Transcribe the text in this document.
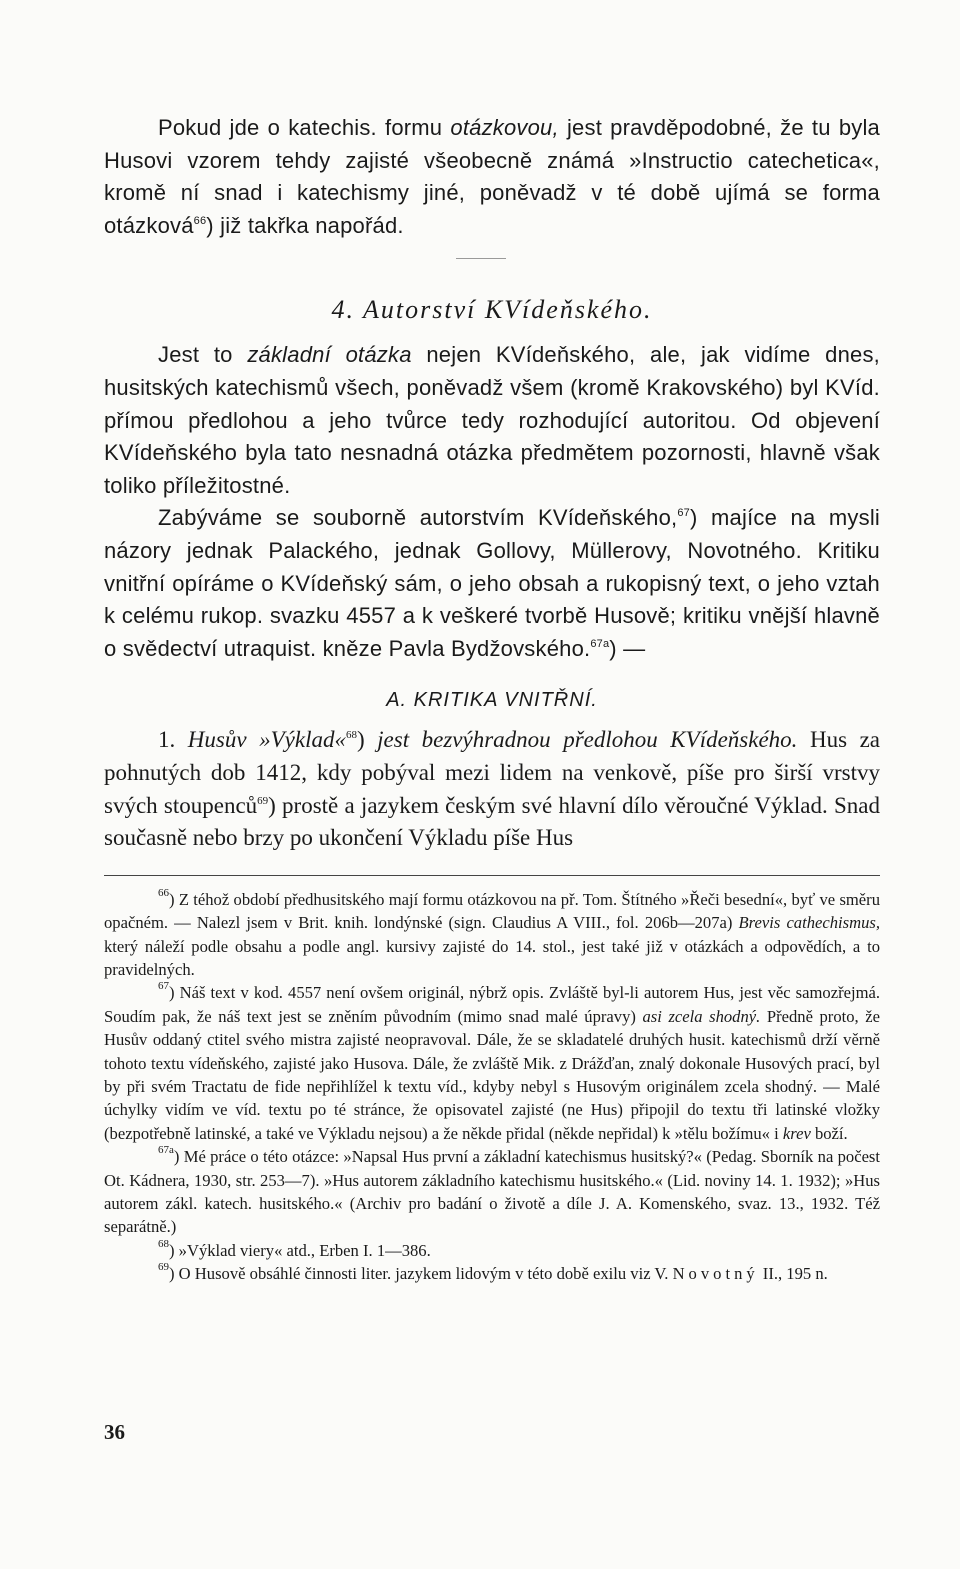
Pokud jde o katechis. formu otázkovou, jest pravděpodobné, že tu byla Husovi vzorem tehdy zajisté všeobecně známá »Instructio catechetica«, kromě ní snad i katechismy jiné, poněvadž v té době ujímá se forma otázková$^{66}$) již takřka napořád.

4. Autorství KVídeňského.

Jest to základní otázka nejen KVídeňského, ale, jak vidíme dnes, husitských katechismů všech, poněvadž všem (kromě Krakovského) byl KVíd. přímou předlohou a jeho tvůrce tedy rozhodující autoritou. Od objevení KVídeňského byla tato nesnadná otázka předmětem pozornosti, hlavně však toliko příležitostné.

Zabýváme se souborně autorstvím KVídeňského,$^{67}$) majíce na mysli názory jednak Palackého, jednak Gollovy, Müllerovy, Novotného. Kritiku vnitřní opíráme o KVídeňský sám, o jeho obsah a rukopisný text, o jeho vztah k celému rukop. svazku 4557 a k veškeré tvorbě Husově; kritiku vnější hlavně o svědectví utraquist. kněze Pavla Bydžovského.$^{67a}$) —

A. KRITIKA VNITŘNÍ.

1. Husův »Výklad«$^{68}$) jest bezvýhradnou předlohou KVídeňského. Hus za pohnutých dob 1412, kdy pobýval mezi lidem na venkově, píše pro širší vrstvy svých stoupenců$^{69}$) prostě a jazykem českým své hlavní dílo věroučné Výklad. Snad současně nebo brzy po ukončení Výkladu píše Hus

$^{66}$) Z téhož období předhusitského mají formu otázkovou na př. Tom. Štítného »Řeči besední«, byť ve směru opačném. — Nalezl jsem v Brit. knih. londýnské (sign. Claudius A VIII., fol. 206b—207a) Brevis cathechismus, který náleží podle obsahu a podle angl. kursivy zajisté do 14. stol., jest také již v otázkách a odpovědích, a to pravidelných.

$^{67}$) Náš text v kod. 4557 není ovšem originál, nýbrž opis. Zvláště byl-li autorem Hus, jest věc samozřejmá. Soudím pak, že náš text jest se zněním původním (mimo snad malé úpravy) asi zcela shodný. Předně proto, že Husův oddaný ctitel svého mistra zajisté neopravoval. Dále, že se skladatelé druhých husit. katechismů drží věrně tohoto textu vídeňského, zajisté jako Husova. Dále, že zvláště Mik. z Drážďan, znalý dokonale Husových prací, byl by při svém Tractatu de fide nepřihlížel k textu víd., kdyby nebyl s Husovým originálem zcela shodný. — Malé úchylky vidím ve víd. textu po té stránce, že opisovatel zajisté (ne Hus) připojil do textu tři latinské vložky (bezpotřebně latinské, a také ve Výkladu nejsou) a že někde přidal (někde nepřidal) k »tělu božímu« i krev boží.

$^{67a}$) Mé práce o této otázce: »Napsal Hus první a základní katechismus husitský?« (Pedag. Sborník na počest Ot. Kádnera, 1930, str. 253—7). »Hus autorem základního katechismu husitského.« (Lid. noviny 14. 1. 1932); »Hus autorem zákl. katech. husitského.« (Archiv pro badání o životě a díle J. A. Komenského, svaz. 13., 1932. Též separátně.)

$^{68}$) »Výklad viery« atd., Erben I. 1—386.

$^{69}$) O Husově obsáhlé činnosti liter. jazykem lidovým v této době exilu viz V. Novotný II., 195 n.

36
